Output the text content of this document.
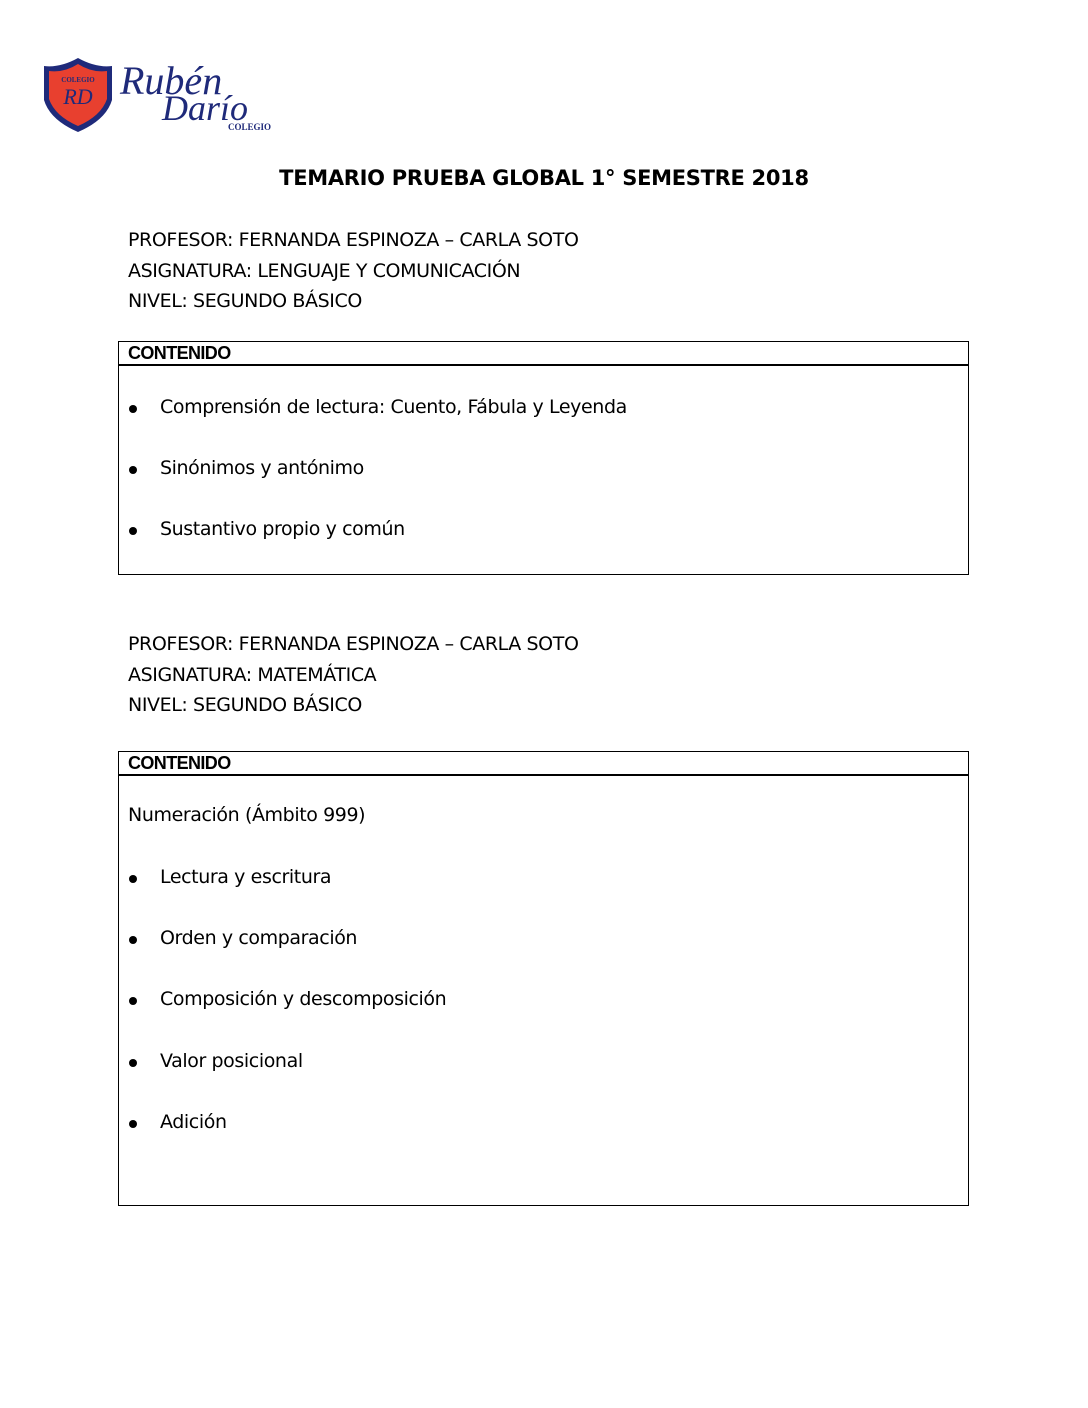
COLEGIO
RD Rubén
Darío
COLEGIO
TEMARIO PRUEBA GLOBAL 1° SEMESTRE 2018
PROFESOR: FERNANDA ESPINOZA – CARLA SOTO
ASIGNATURA: LENGUAJE Y COMUNICACIÓN
NIVEL: SEGUNDO BÁSICO
CONTENIDO
Comprensión de lectura: Cuento, Fábula y Leyenda
Sinónimos y antónimo
Sustantivo propio y común
PROFESOR: FERNANDA ESPINOZA – CARLA SOTO
ASIGNATURA: MATEMÁTICA
NIVEL: SEGUNDO BÁSICO
CONTENIDO
Numeración (Ámbito 999)
Lectura y escritura
Orden y comparación
Composición y descomposición
Valor posicional
Adición
